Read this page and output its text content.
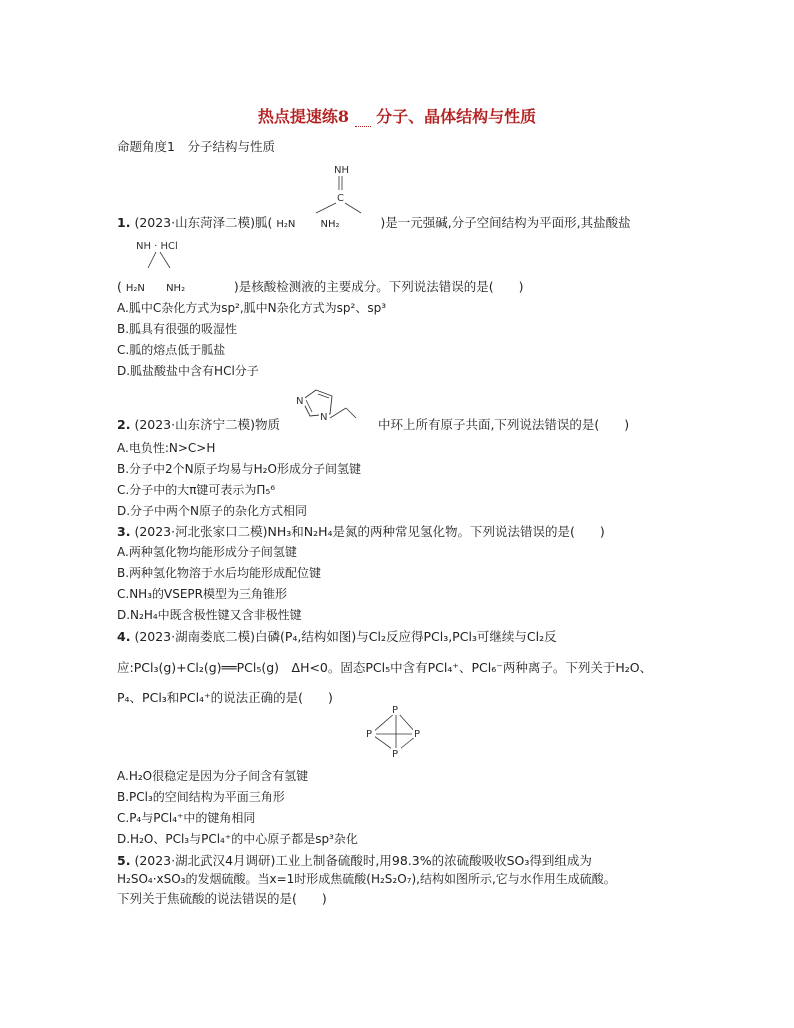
热点提速练8 　 分子、晶体结构与性质
命题角度1　分子结构与性质
NH
C
1. (2023·山东菏泽二模)胍( H₂N	NH₂	)是一元强碱,分子空间结构为平面形,其盐酸盐
NH · HCl
( H₂N NH₂	)是核酸检测液的主要成分。下列说法错误的是(　　)
A.胍中C杂化方式为sp²,胍中N杂化方式为sp²、sp³
B.胍具有很强的吸湿性
C.胍的熔点低于胍盐
D.胍盐酸盐中含有HCl分子
2. (2023·山东济宁二模)物质	中环上所有原子共面,下列说法错误的是(　　)
N
N
A.电负性:N>C>H
B.分子中2个N原子均易与H₂O形成分子间氢键
C.分子中的大π键可表示为Π₅⁶
D.分子中两个N原子的杂化方式相同
3. (2023·河北张家口二模)NH₃和N₂H₄是氮的两种常见氢化物。下列说法错误的是(　　)
A.两种氢化物均能形成分子间氢键
B.两种氢化物溶于水后均能形成配位键
C.NH₃的VSEPR模型为三角锥形
D.N₂H₄中既含极性键又含非极性键
4. (2023·湖南娄底二模)白磷(P₄,结构如图)与Cl₂反应得PCl₃,PCl₃可继续与Cl₂反
应:PCl₃(g)+Cl₂(g)══PCl₅(g)　ΔH<0。固态PCl₅中含有PCl₄⁺、PCl₆⁻两种离子。下列关于H₂O、
P₄、PCl₃和PCl₄⁺的说法正确的是(　　)
P
P	P
P
A.H₂O很稳定是因为分子间含有氢键
B.PCl₃的空间结构为平面三角形
C.P₄与PCl₄⁺中的键角相同
D.H₂O、PCl₃与PCl₄⁺的中心原子都是sp³杂化
5. (2023·湖北武汉4月调研)工业上制备硫酸时,用98.3%的浓硫酸吸收SO₃得到组成为
H₂SO₄·xSO₃的发烟硫酸。当x=1时形成焦硫酸(H₂S₂O₇),结构如图所示,它与水作用生成硫酸。
下列关于焦硫酸的说法错误的是(　　)
